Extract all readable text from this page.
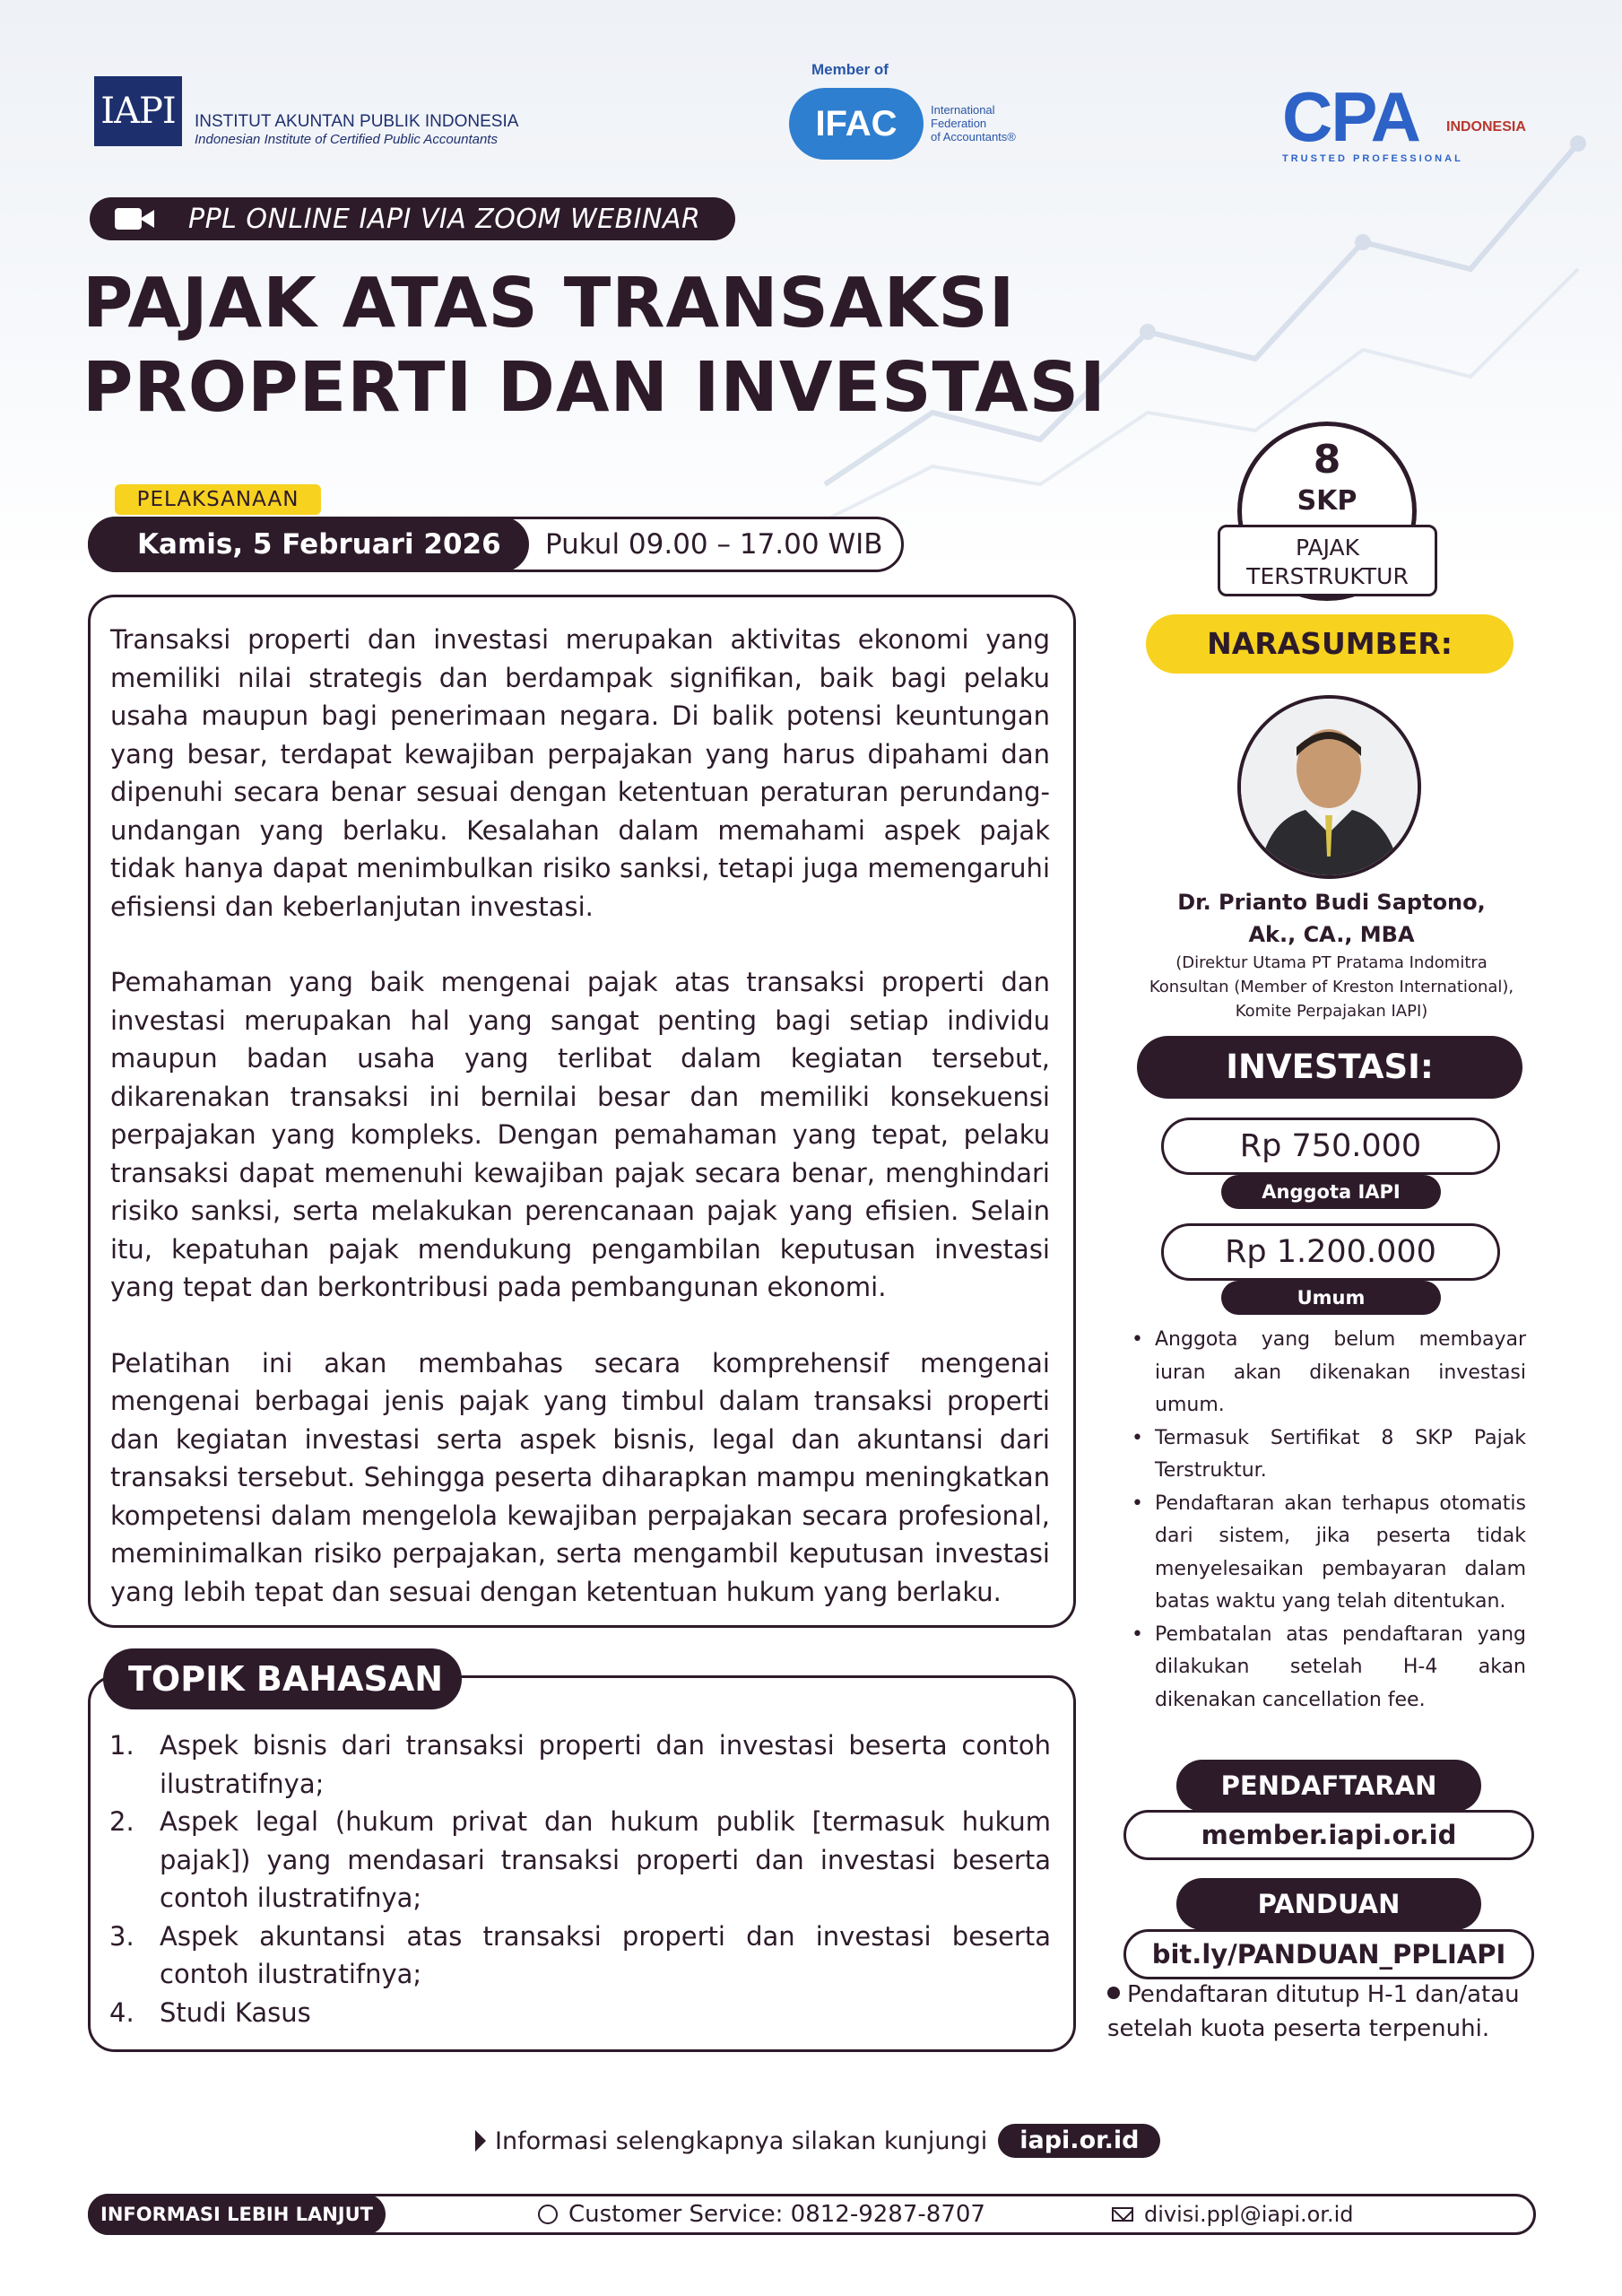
IAPI	INSTITUT AKUNTAN PUBLIK INDONESIA
Indonesian Institute of Certified Public Accountants
Member of
IFAC	International
Federation
of Accountants®	CPA INDONESIA
TRUSTED PROFESSIONAL
PPL ONLINE IAPI VIA ZOOM WEBINAR
PAJAK ATAS TRANSAKSI
PROPERTI DAN INVESTASI
8
SKP
PAJAK
TERSTRUKTUR
PELAKSANAAN
Kamis, 5 Februari 2026	Pukul 09.00 – 17.00 WIB

Transaksi properti dan investasi merupakan aktivitas ekonomi yang memiliki nilai strategis dan berdampak signifikan, baik bagi pelaku usaha maupun bagi penerimaan negara. Di balik potensi keuntungan yang besar, terdapat kewajiban perpajakan yang harus dipahami dan dipenuhi secara benar sesuai dengan ketentuan peraturan perundang-undangan yang berlaku. Kesalahan dalam memahami aspek pajak tidak hanya dapat menimbulkan risiko sanksi, tetapi juga memengaruhi efisiensi dan keberlanjutan investasi.

Pemahaman yang baik mengenai pajak atas transaksi properti dan investasi merupakan hal yang sangat penting bagi setiap individu maupun badan usaha yang terlibat dalam kegiatan tersebut, dikarenakan transaksi ini bernilai besar dan memiliki konsekuensi perpajakan yang kompleks. Dengan pemahaman yang tepat, pelaku transaksi dapat memenuhi kewajiban pajak secara benar, menghindari risiko sanksi, serta melakukan perencanaan pajak yang efisien. Selain itu, kepatuhan pajak mendukung pengambilan keputusan investasi yang tepat dan berkontribusi pada pembangunan ekonomi.

Pelatihan ini akan membahas secara komprehensif mengenai mengenai berbagai jenis pajak yang timbul dalam transaksi properti dan kegiatan investasi serta aspek bisnis, legal dan akuntansi dari transaksi tersebut. Sehingga peserta diharapkan mampu meningkatkan kompetensi dalam mengelola kewajiban perpajakan secara profesional, meminimalkan risiko perpajakan, serta mengambil keputusan investasi yang lebih tepat dan sesuai dengan ketentuan hukum yang berlaku.

TOPIK BAHASAN
1. Aspek bisnis dari transaksi properti dan investasi beserta contoh ilustratifnya;
2. Aspek legal (hukum privat dan hukum publik [termasuk hukum pajak]) yang mendasari transaksi properti dan investasi beserta contoh ilustratifnya;
3. Aspek akuntansi atas transaksi properti dan investasi beserta contoh ilustratifnya;
4. Studi Kasus
NARASUMBER:
Dr. Prianto Budi Saptono,
Ak., CA., MBA
(Direktur Utama PT Pratama Indomitra
Konsultan (Member of Kreston International),
Komite Perpajakan IAPI)
INVESTASI:
Rp 750.000
Anggota IAPI
Rp 1.200.000
Umum
• Anggota yang belum membayar iuran akan dikenakan investasi umum.
• Termasuk Sertifikat 8 SKP Pajak Terstruktur.
• Pendaftaran akan terhapus otomatis dari sistem, jika peserta tidak menyelesaikan pembayaran dalam batas waktu yang telah ditentukan.
• Pembatalan atas pendaftaran yang dilakukan setelah H-4 akan dikenakan cancellation fee.
PENDAFTARAN
member.iapi.or.id
PANDUAN
bit.ly/PANDUAN_PPLIAPI
Pendaftaran ditutup H-1 dan/atau setelah kuota peserta terpenuhi.
Informasi selengkapnya silakan kunjungi	iapi.or.id
INFORMASI LEBIH LANJUT	Customer Service: 0812-9287-8707	divisi.ppl@iapi.or.id
